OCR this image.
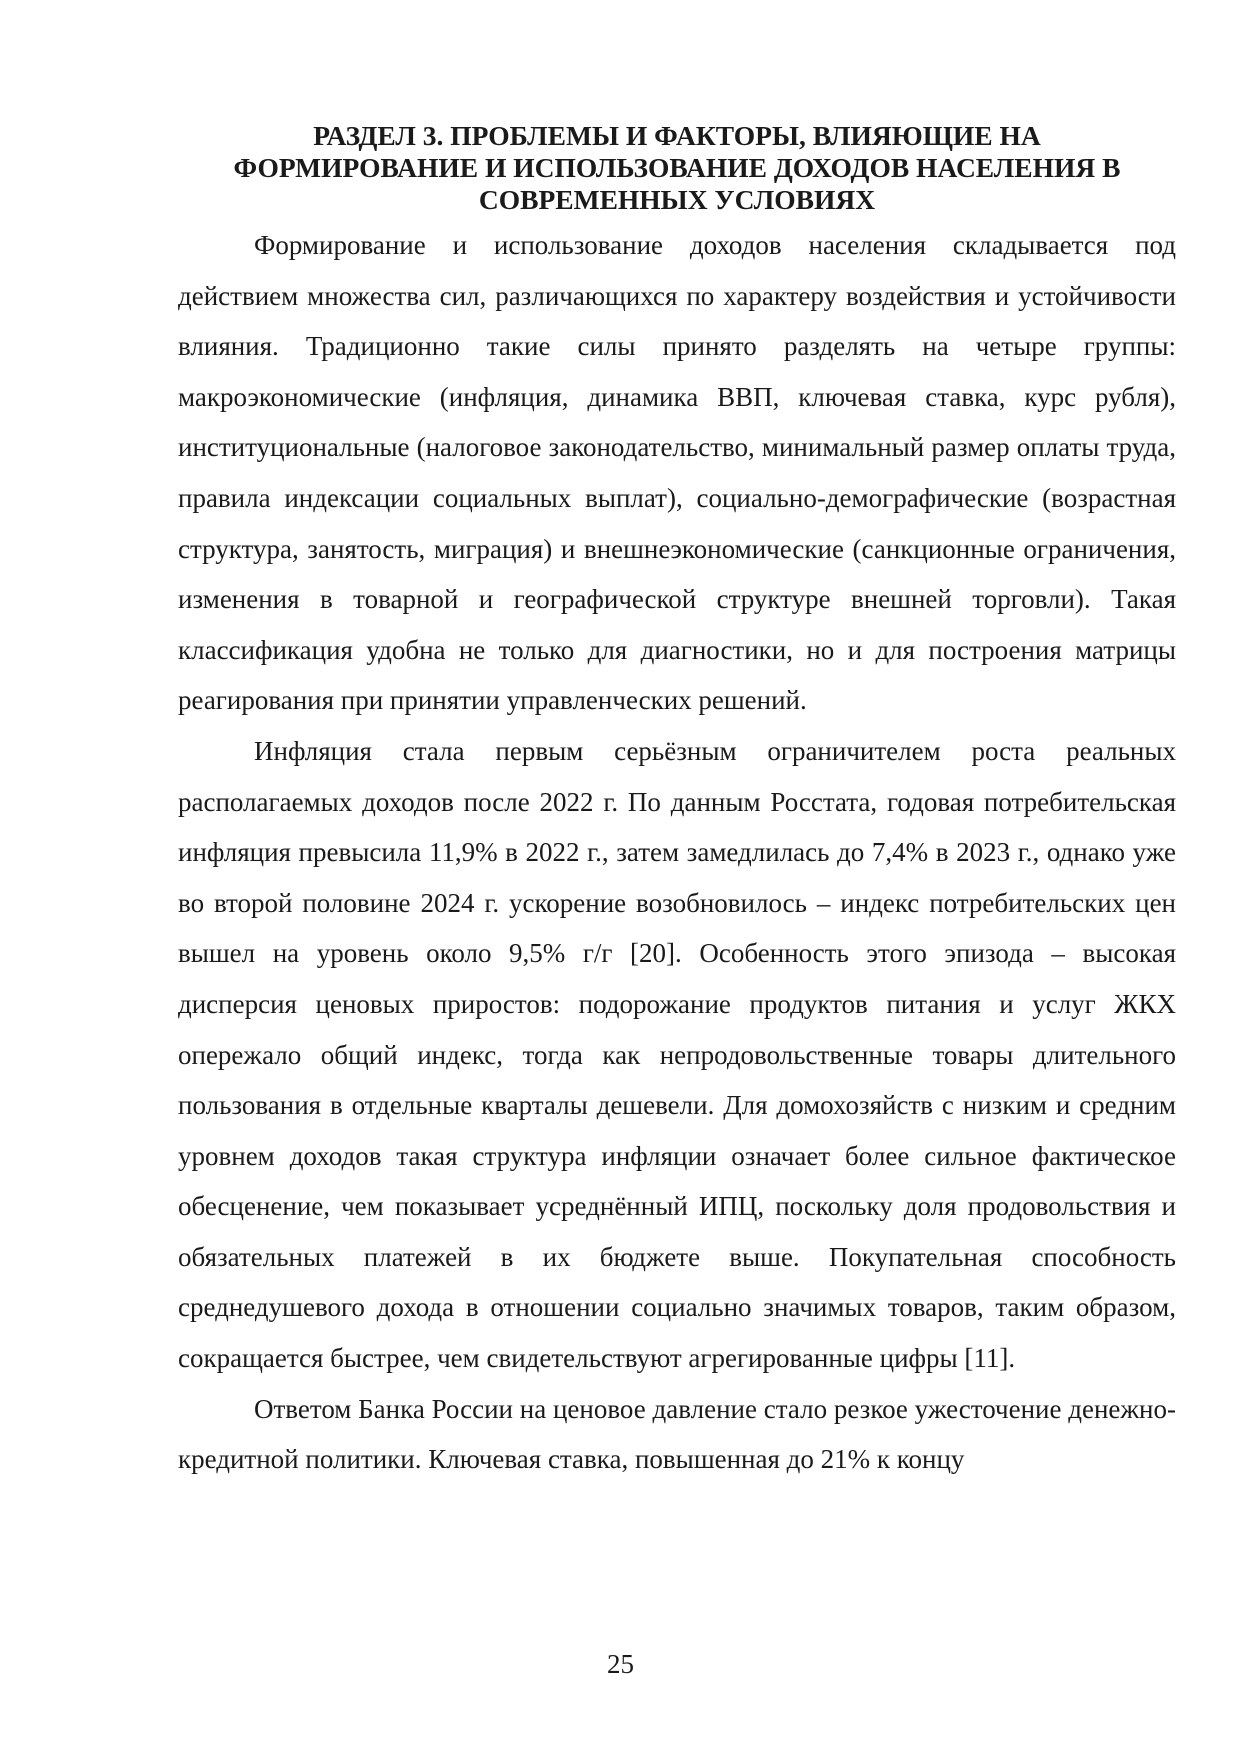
РАЗДЕЛ 3. ПРОБЛЕМЫ И ФАКТОРЫ, ВЛИЯЮЩИЕ НА
ФОРМИРОВАНИЕ И ИСПОЛЬЗОВАНИЕ ДОХОДОВ НАСЕЛЕНИЯ В
СОВРЕМЕННЫХ УСЛОВИЯХ

Формирование и использование доходов населения складывается под действием множества сил, различающихся по характеру воздействия и устойчивости влияния. Традиционно такие силы принято разделять на четыре группы: макроэкономические (инфляция, динамика ВВП, ключевая ставка, курс рубля), институциональные (налоговое законодательство, минимальный размер оплаты труда, правила индексации социальных выплат), социально-демографические (возрастная структура, занятость, миграция) и внешнеэкономические (санкционные ограничения, изменения в товарной и географической структуре внешней торговли). Такая классификация удобна не только для диагностики, но и для построения матрицы реагирования при принятии управленческих решений.

Инфляция стала первым серьёзным ограничителем роста реальных располагаемых доходов после 2022 г. По данным Росстата, годовая потребительская инфляция превысила 11,9% в 2022 г., затем замедлилась до 7,4% в 2023 г., однако уже во второй половине 2024 г. ускорение возобновилось – индекс потребительских цен вышел на уровень около 9,5% г/г [20]. Особенность этого эпизода – высокая дисперсия ценовых приростов: подорожание продуктов питания и услуг ЖКХ опережало общий индекс, тогда как непродовольственные товары длительного пользования в отдельные кварталы дешевели. Для домохозяйств с низким и средним уровнем доходов такая структура инфляции означает более сильное фактическое обесценение, чем показывает усреднённый ИПЦ, поскольку доля продовольствия и обязательных платежей в их бюджете выше. Покупательная способность среднедушевого дохода в отношении социально значимых товаров, таким образом, сокращается быстрее, чем свидетельствуют агрегированные цифры [11].

Ответом Банка России на ценовое давление стало резкое ужесточение денежно-кредитной политики. Ключевая ставка, повышенная до 21% к концу

25
